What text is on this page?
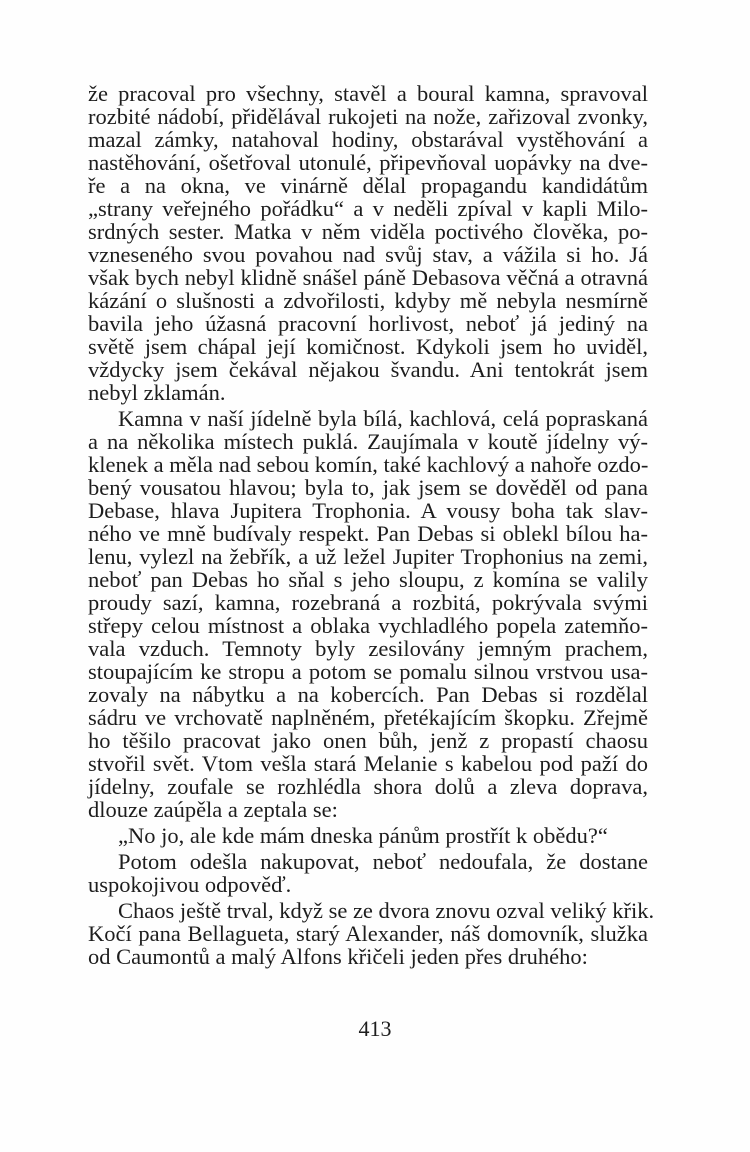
že pracoval pro všechny, stavěl a boural kamna, spravoval
rozbité nádobí, přidělával rukojeti na nože, zařizoval zvonky,
mazal zámky, natahoval hodiny, obstarával vystěhování a
nastěhování, ošetřoval utonulé, připevňoval uopávky na dve-
ře a na okna, ve vinárně dělal propagandu kandidátům
„strany veřejného pořádku“ a v neděli zpíval v kapli Milo-
srdných sester. Matka v něm viděla poctivého člověka, po-
vzneseného svou povahou nad svůj stav, a vážila si ho. Já
však bych nebyl klidně snášel páně Debasova věčná a otravná
kázání o slušnosti a zdvořilosti, kdyby mě nebyla nesmírně
bavila jeho úžasná pracovní horlivost, neboť já jediný na
světě jsem chápal její komičnost. Kdykoli jsem ho uviděl,
vždycky jsem čekával nějakou švandu. Ani tentokrát jsem
nebyl zklamán.
Kamna v naší jídelně byla bílá, kachlová, celá popraskaná
a na několika místech puklá. Zaujímala v koutě jídelny vý-
klenek a měla nad sebou komín, také kachlový a nahoře ozdo-
bený vousatou hlavou; byla to, jak jsem se dověděl od pana
Debase, hlava Jupitera Trophonia. A vousy boha tak slav-
ného ve mně budívaly respekt. Pan Debas si oblekl bílou ha-
lenu, vylezl na žebřík, a už ležel Jupiter Trophonius na zemi,
neboť pan Debas ho sňal s jeho sloupu, z komína se valily
proudy sazí, kamna, rozebraná a rozbitá, pokrývala svými
střepy celou místnost a oblaka vychladlého popela zatemňo-
vala vzduch. Temnoty byly zesilovány jemným prachem,
stoupajícím ke stropu a potom se pomalu silnou vrstvou usa-
zovaly na nábytku a na kobercích. Pan Debas si rozdělal
sádru ve vrchovatě naplněném, přetékajícím škopku. Zřejmě
ho těšilo pracovat jako onen bůh, jenž z propastí chaosu
stvořil svět. Vtom vešla stará Melanie s kabelou pod paží do
jídelny, zoufale se rozhlédla shora dolů a zleva doprava,
dlouze zaúpěla a zeptala se:
„No jo, ale kde mám dneska pánům prostřít k obědu?“
Potom odešla nakupovat, neboť nedoufala, že dostane
uspokojivou odpověď.
Chaos ještě trval, když se ze dvora znovu ozval veliký křik.
Kočí pana Bellagueta, starý Alexander, náš domovník, služka
od Caumontů a malý Alfons křičeli jeden přes druhého:
413
